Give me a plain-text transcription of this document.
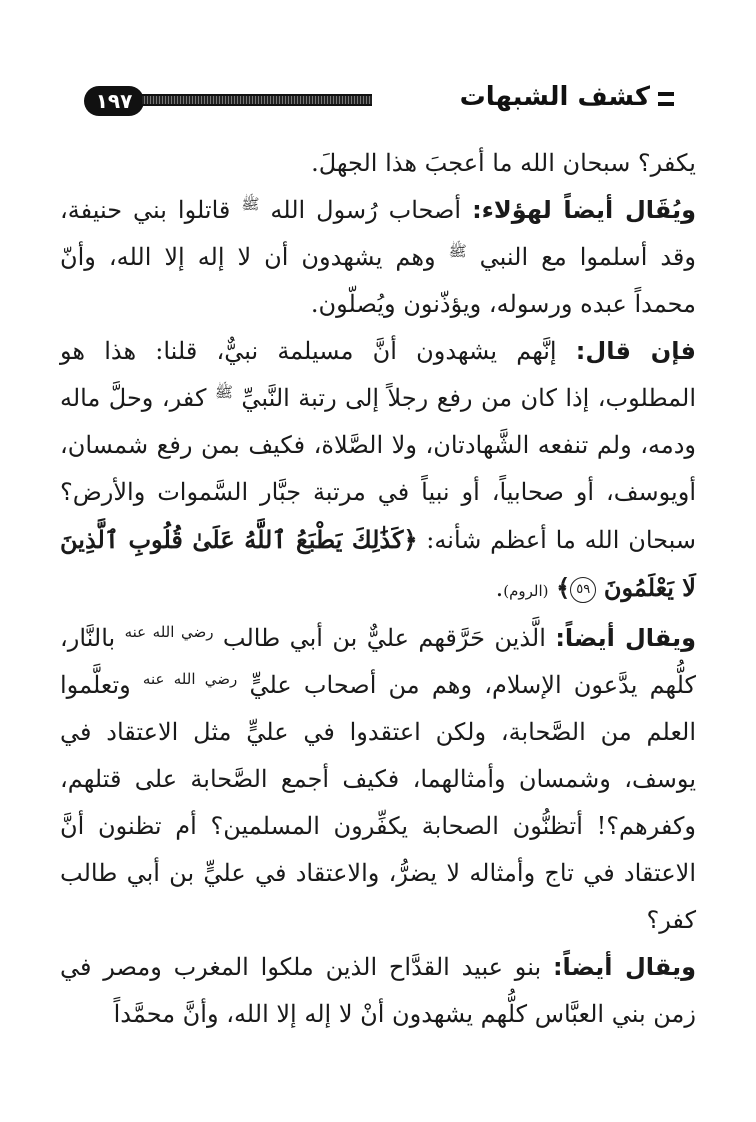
١٩٧	كشف الشبهات

يكفر؟ سبحان الله ما أعجبَ هذا الجهلَ.

ويُقَال أيضاً لهؤلاء: أصحاب رُسول الله $^ﷺ$ قاتلوا بني حنيفة، وقد أسلموا مع النبي $^ﷺ$ وهم يشهدون أن لا إله إلا الله، وأنّ محمداً عبده ورسوله، ويؤذّنون ويُصلّون.

فإن قال: إنَّهم يشهدون أنَّ مسيلمة نبيٌّ، قلنا: هذا هو المطلوب، إذا كان من رفع رجلاً إلى رتبة النَّبيِّ $^ﷺ$ كفر، وحلَّ ماله ودمه، ولم تنفعه الشَّهادتان، ولا الصَّلاة، فكيف بمن رفع شمسان، أويوسف، أو صحابياً، أو نبياً في مرتبة جبَّار السَّموات والأرض؟ سبحان الله ما أعظم شأنه: ﴿كَذَٰلِكَ يَطْبَعُ ٱللَّهُ عَلَىٰ قُلُوبِ ٱلَّذِينَ لَا يَعْلَمُونَ ٥٩﴾ (الروم).

ويقال أيضاً: الَّذين حَرَّقهم عليٌّ بن أبي طالب $^{رضي الله عنه}$ بالنَّار، كلُّهم يدَّعون الإسلام، وهم من أصحاب عليٍّ $^{رضي الله عنه}$ وتعلَّموا العلم من الصَّحابة، ولكن اعتقدوا في عليٍّ مثل الاعتقاد في يوسف، وشمسان وأمثالهما، فكيف أجمع الصَّحابة على قتلهم، وكفرهم؟! أتظنُّون الصحابة يكفِّرون المسلمين؟ أم تظنون أنَّ الاعتقاد في تاج وأمثاله لا يضرُّ، والاعتقاد في عليٍّ بن أبي طالب كفر؟

ويقال أيضاً: بنو عبيد القدَّاح الذين ملكوا المغرب ومصر في زمن بني العبَّاس كلُّهم يشهدون أنْ لا إله إلا الله، وأنَّ محمَّداً
